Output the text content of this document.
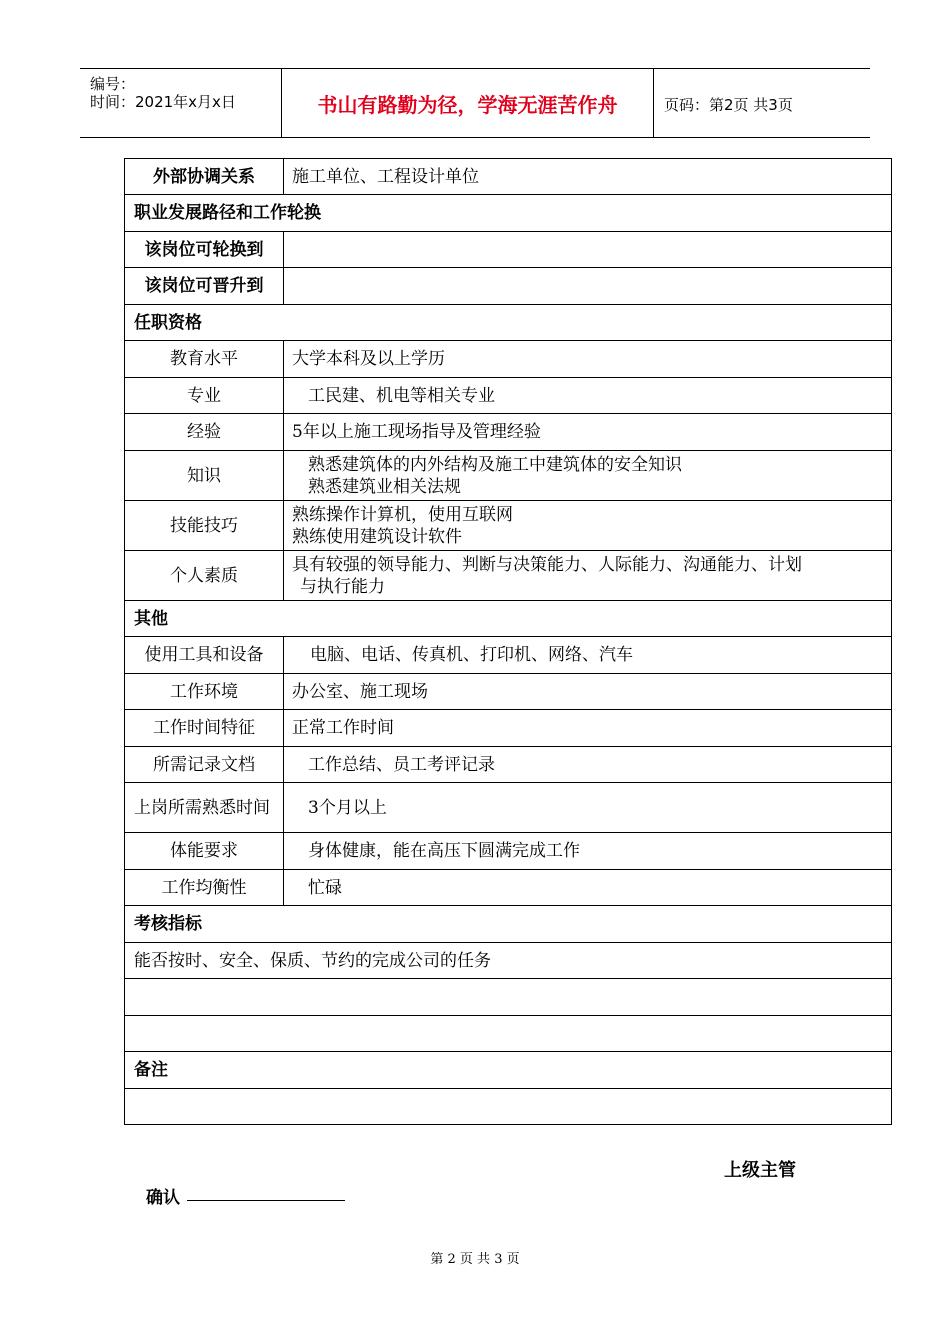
编号：
时间：2021年x月x日	书山有路勤为径，学海无涯苦作舟	页码：第2页 共3页
外部协调关系	施工单位、工程设计单位
职业发展路径和工作轮换	
该岗位可轮换到	
该岗位可晋升到	
任职资格	
教育水平	大学本科及以上学历
专业	工民建、机电等相关专业
经验	5年以上施工现场指导及管理经验
知识	熟悉建筑体的内外结构及施工中建筑体的安全知识
熟悉建筑业相关法规

技能技巧	熟练操作计算机，使用互联网
熟练使用建筑设计软件

个人素质	具有较强的领导能力、判断与决策能力、人际能力、沟通能力、计划
与执行能力

其他	
使用工具和设备	电脑、电话、传真机、打印机、网络、汽车
工作环境	办公室、施工现场
工作时间特征	正常工作时间
所需记录文档	工作总结、员工考评记录
上岗所需熟悉时间	3个月以上
体能要求	身体健康，能在高压下圆满完成工作
工作均衡性	忙碌
考核指标	
能否按时、安全、保质、节约的完成公司的任务	

备注	

上级主管
确认
第 2 页 共 3 页
